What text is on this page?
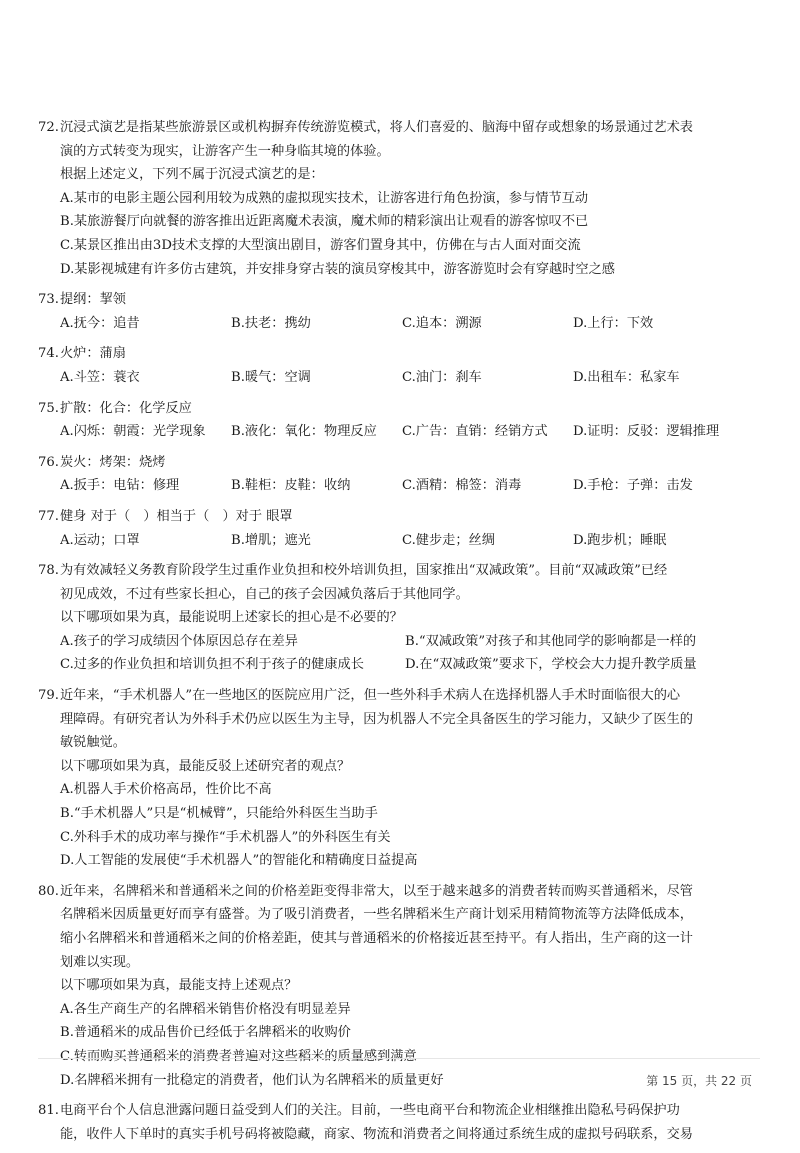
72.沉浸式演艺是指某些旅游景区或机构摒弃传统游览模式，将人们喜爱的、脑海中留存或想象的场景通过艺术表
演的方式转变为现实，让游客产生一种身临其境的体验。
根据上述定义，下列不属于沉浸式演艺的是：
A.某市的电影主题公园利用较为成熟的虚拟现实技术，让游客进行角色扮演，参与情节互动
B.某旅游餐厅向就餐的游客推出近距离魔术表演，魔术师的精彩演出让观看的游客惊叹不已
C.某景区推出由3D技术支撑的大型演出剧目，游客们置身其中，仿佛在与古人面对面交流
D.某影视城建有许多仿古建筑，并安排身穿古装的演员穿梭其中，游客游览时会有穿越时空之感
73.提纲：挈领
A.抚今：追昔	B.扶老：携幼	C.追本：溯源	D.上行：下效
74.火炉：蒲扇
A.斗笠：蓑衣	B.暖气：空调	C.油门：刹车	D.出租车：私家车
75.扩散：化合：化学反应
A.闪烁：朝霞：光学现象	B.液化：氧化：物理反应	C.广告：直销：经销方式	D.证明：反驳：逻辑推理
76.炭火：烤架：烧烤
A.扳手：电钻：修理	B.鞋柜：皮鞋：收纳	C.酒精：棉签：消毒	D.手枪：子弹：击发
77.健身 对于（　）相当于（　）对于 眼罩
A.运动；口罩	B.增肌；遮光	C.健步走；丝绸	D.跑步机；睡眠
78.为有效减轻义务教育阶段学生过重作业负担和校外培训负担，国家推出“双减政策”。目前“双减政策”已经
初见成效，不过有些家长担心，自己的孩子会因减负落后于其他同学。
以下哪项如果为真，最能说明上述家长的担心是不必要的？
A.孩子的学习成绩因个体原因总存在差异	B.“双减政策”对孩子和其他同学的影响都是一样的
C.过多的作业负担和培训负担不利于孩子的健康成长	D.在“双减政策”要求下，学校会大力提升教学质量
79.近年来，“手术机器人”在一些地区的医院应用广泛，但一些外科手术病人在选择机器人手术时面临很大的心
理障碍。有研究者认为外科手术仍应以医生为主导，因为机器人不完全具备医生的学习能力，又缺少了医生的
敏锐触觉。
以下哪项如果为真，最能反驳上述研究者的观点？
A.机器人手术价格高昂，性价比不高
B.“手术机器人”只是“机械臂”，只能给外科医生当助手
C.外科手术的成功率与操作“手术机器人”的外科医生有关
D.人工智能的发展使“手术机器人”的智能化和精确度日益提高
80.近年来，名牌稻米和普通稻米之间的价格差距变得非常大，以至于越来越多的消费者转而购买普通稻米，尽管
名牌稻米因质量更好而享有盛誉。为了吸引消费者，一些名牌稻米生产商计划采用精简物流等方法降低成本，
缩小名牌稻米和普通稻米之间的价格差距，使其与普通稻米的价格接近甚至持平。有人指出，生产商的这一计
划难以实现。
以下哪项如果为真，最能支持上述观点？
A.各生产商生产的名牌稻米销售价格没有明显差异
B.普通稻米的成品售价已经低于名牌稻米的收购价
C.转而购买普通稻米的消费者普遍对这些稻米的质量感到满意
D.名牌稻米拥有一批稳定的消费者，他们认为名牌稻米的质量更好
81.电商平台个人信息泄露问题日益受到人们的关注。目前，一些电商平台和物流企业相继推出隐私号码保护功
能，收件人下单时的真实手机号码将被隐藏，商家、物流和消费者之间将通过系统生成的虚拟号码联系，交易
第 15 页，共 22 页
